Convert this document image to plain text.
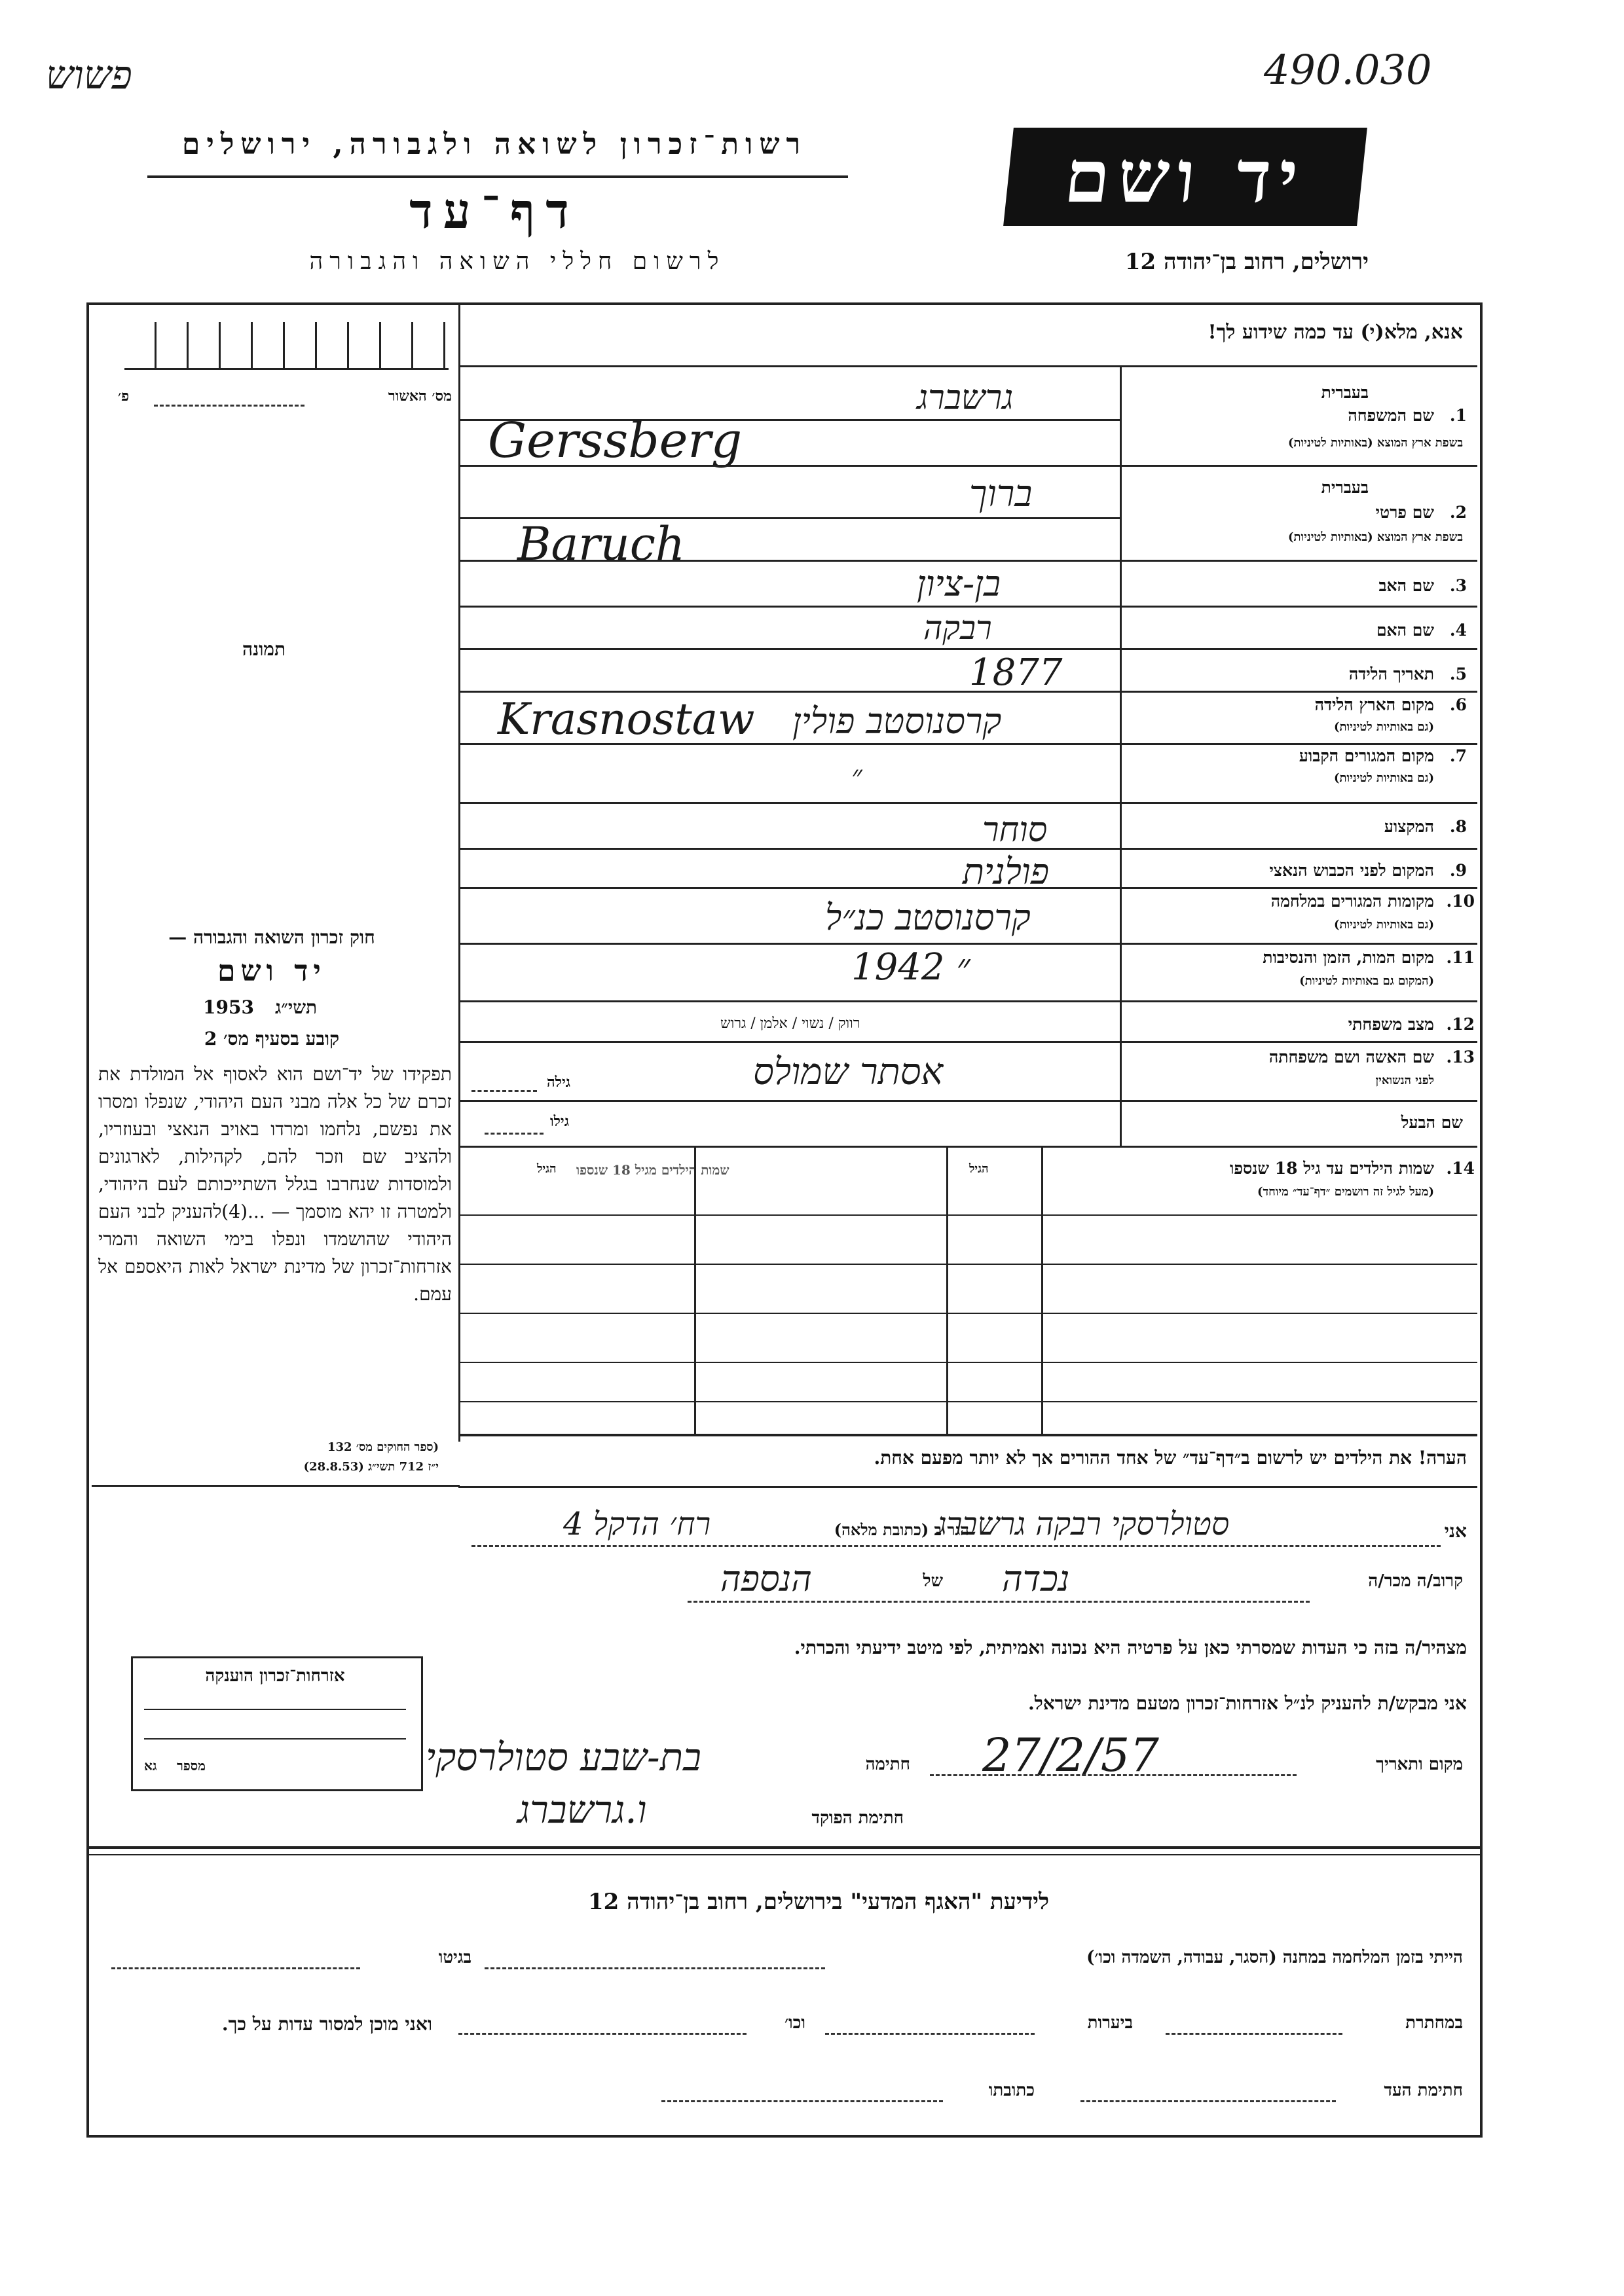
פשוש	490.030
רשות־זכרון לשואה ולגבורה, ירושלים
דף־עד
לרשום חללי השואה והגבורה
יד ושם
ירושלים, רחוב בן־יהודה 12
אנא, מלא(י) עד כמה שידוע לך!
מס׳ האשור
פ׳
תמונה
בעברית
1.
שם המשפחה
בשפת ארץ המוצא (באותיות לטיניות)
גרשברג
Gerssberg
בעברית
2.
שם פרטי
בשפת ארץ המוצא (באותיות לטיניות)
ברוך
Baruch
3.
שם האב
בן-ציון
4.
שם האם
רבקה
5.
תאריך הלידה
1877
6.
מקום הארץ הלידה
(גם באותיות לטיניות)
Krasnostaw קרסנוסטב פולין
7.
מקום המגורים הקבוע
(גם באותיות לטיניות)
״
8.
המקצוע
סוחר
9.
המקום לפני הכבוש הנאצי
פולנית
10.
מקומות המגורים במלחמה
(גם באותיות לטיניות)
קרסנוסטב כנ״ל
11.
מקום המות, הזמן והנסיבות
(המקום גם באותיות לטיניות)
1942 ״
12.
מצב משפחתי
רווק / נשוי / אלמן / גרוש
13.
שם האשה ושם משפחתה
לפני הנשואין
אסתר שמולס
גילה
שם הבעל
גילו
14.
שמות הילדים עד גיל 18 שנספו
(מעל לגיל זה רושמים ״דף־עד״ מיוחד)
הגיל
הגיל שמות הילדים מגיל 18 שנספו
חוק זכרון השואה והגבורה —
יד ושם
תשי״ג
1953
קובע בסעיף מס׳ 2
תפקידו של יד־ושם הוא לאסוף אל המולדת את זכרם של כל אלה מבני העם היהודי, שנפלו ומסרו את נפשם, נלחמו ומרדו באויב הנאצי ובעוזריו, ולהציב שם וזכר להם, לקהילות, לארגונים ולמוסדות שנחרבו בגלל השתייכותם לעם היהודי, ולמטרה זו יהא מוסמך — ...(4)להעניק לבני העם היהודי שהושמדו ונפלו בימי השואה והמרי אזרחות־זכרון של מדינת ישראל לאות היאספם אל עמם.
(ספר החוקים מס׳ 132
י״ז 712 תשי״ג (28.8.53)	הערה! את הילדים יש לרשום ב״דף־עד״ של אחד ההורים אך לא יותר מפעם אחת.
אני
סטולרסקי רבקה גרשברג
הגר ב (כתובת מלאה)
רח׳ הדקל 4
קרוב/ה מכר/ה
נכדה
של
הנספה
מצהיר/ה בזה כי העדות שמסרתי כאן על פרטיה היא נכונה ואמיתית, לפי מיטב ידיעתי והכרתי.
אני מבקש/ת להעניק לנ״ל אזרחות־זכרון מטעם מדינת ישראל.
מקום ותאריך
27/2/57
חתימה
בת-שבע סטולרסקי
חתימת הפוקד
ו.גרשברג
אזרחות־זכרון הוענקה
מספר
גא
לידיעת "האגף המדעי" בירושלים, רחוב בן־יהודה 12
הייתי בזמן המלחמה במחנה (הסגר, עבודה, השמדה וכו׳)
בגיטו
במחתרת
ביערות
וכו׳
ואני מוכן למסור עדות על כך.
חתימת העד
כתובתו
